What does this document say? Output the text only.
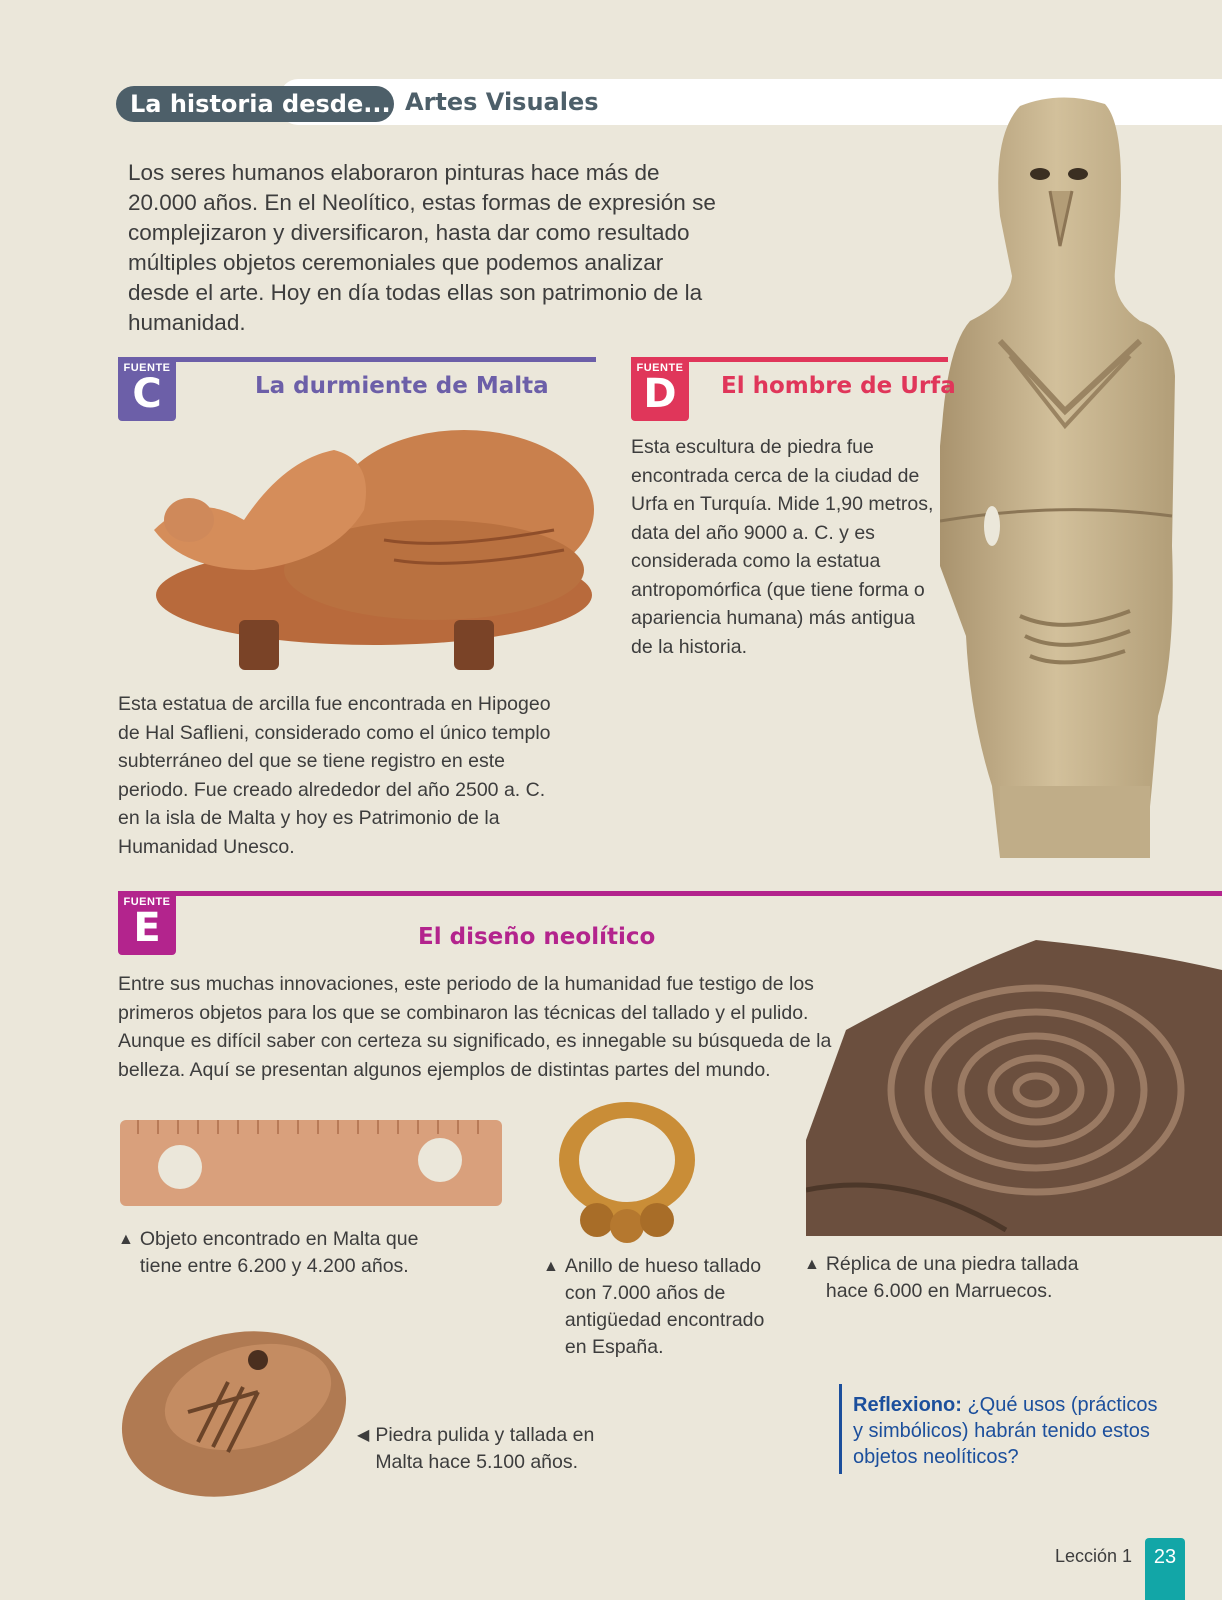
La historia desde... Artes Visuales

Los seres humanos elaboraron pinturas hace más de 20.000 años. En el Neolítico, estas formas de expresión se complejizaron y diversificaron, hasta dar como resultado múltiples objetos ceremoniales que podemos analizar desde el arte. Hoy en día todas ellas son patrimonio de la humanidad.

FUENTE
C	La durmiente de Malta

Esta estatua de arcilla fue encontrada en Hipogeo de Hal Saflieni, considerado como el único templo subterráneo del que se tiene registro en este periodo. Fue creado alrededor del año 2500 a. C. en la isla de Malta y hoy es Patrimonio de la Humanidad Unesco.

FUENTE
D	El hombre de Urfa

Esta escultura de piedra fue encontrada cerca de la ciudad de Urfa en Turquía. Mide 1,90 metros, data del año 9000 a. C. y es considerada como la estatua antropomórfica (que tiene forma o apariencia humana) más antigua de la historia.

FUENTE
E	El diseño neolítico

Entre sus muchas innovaciones, este periodo de la humanidad fue testigo de los primeros objetos para los que se combinaron las técnicas del tallado y el pulido. Aunque es difícil saber con certeza su significado, es innegable su búsqueda de la belleza. Aquí se presentan algunos ejemplos de distintas partes del mundo.

▲ Objeto encontrado en Malta que tiene entre 6.200 y 4.200 años.	▲ Anillo de hueso tallado con 7.000 años de antigüedad encontrado en España.
▲ Réplica de una piedra tallada hace 6.000 en Marruecos.
◀ Piedra pulida y tallada en Malta hace 5.100 años.
Reflexiono: ¿Qué usos (prácticos y simbólicos) habrán tenido estos objetos neolíticos?
Lección 1	23
